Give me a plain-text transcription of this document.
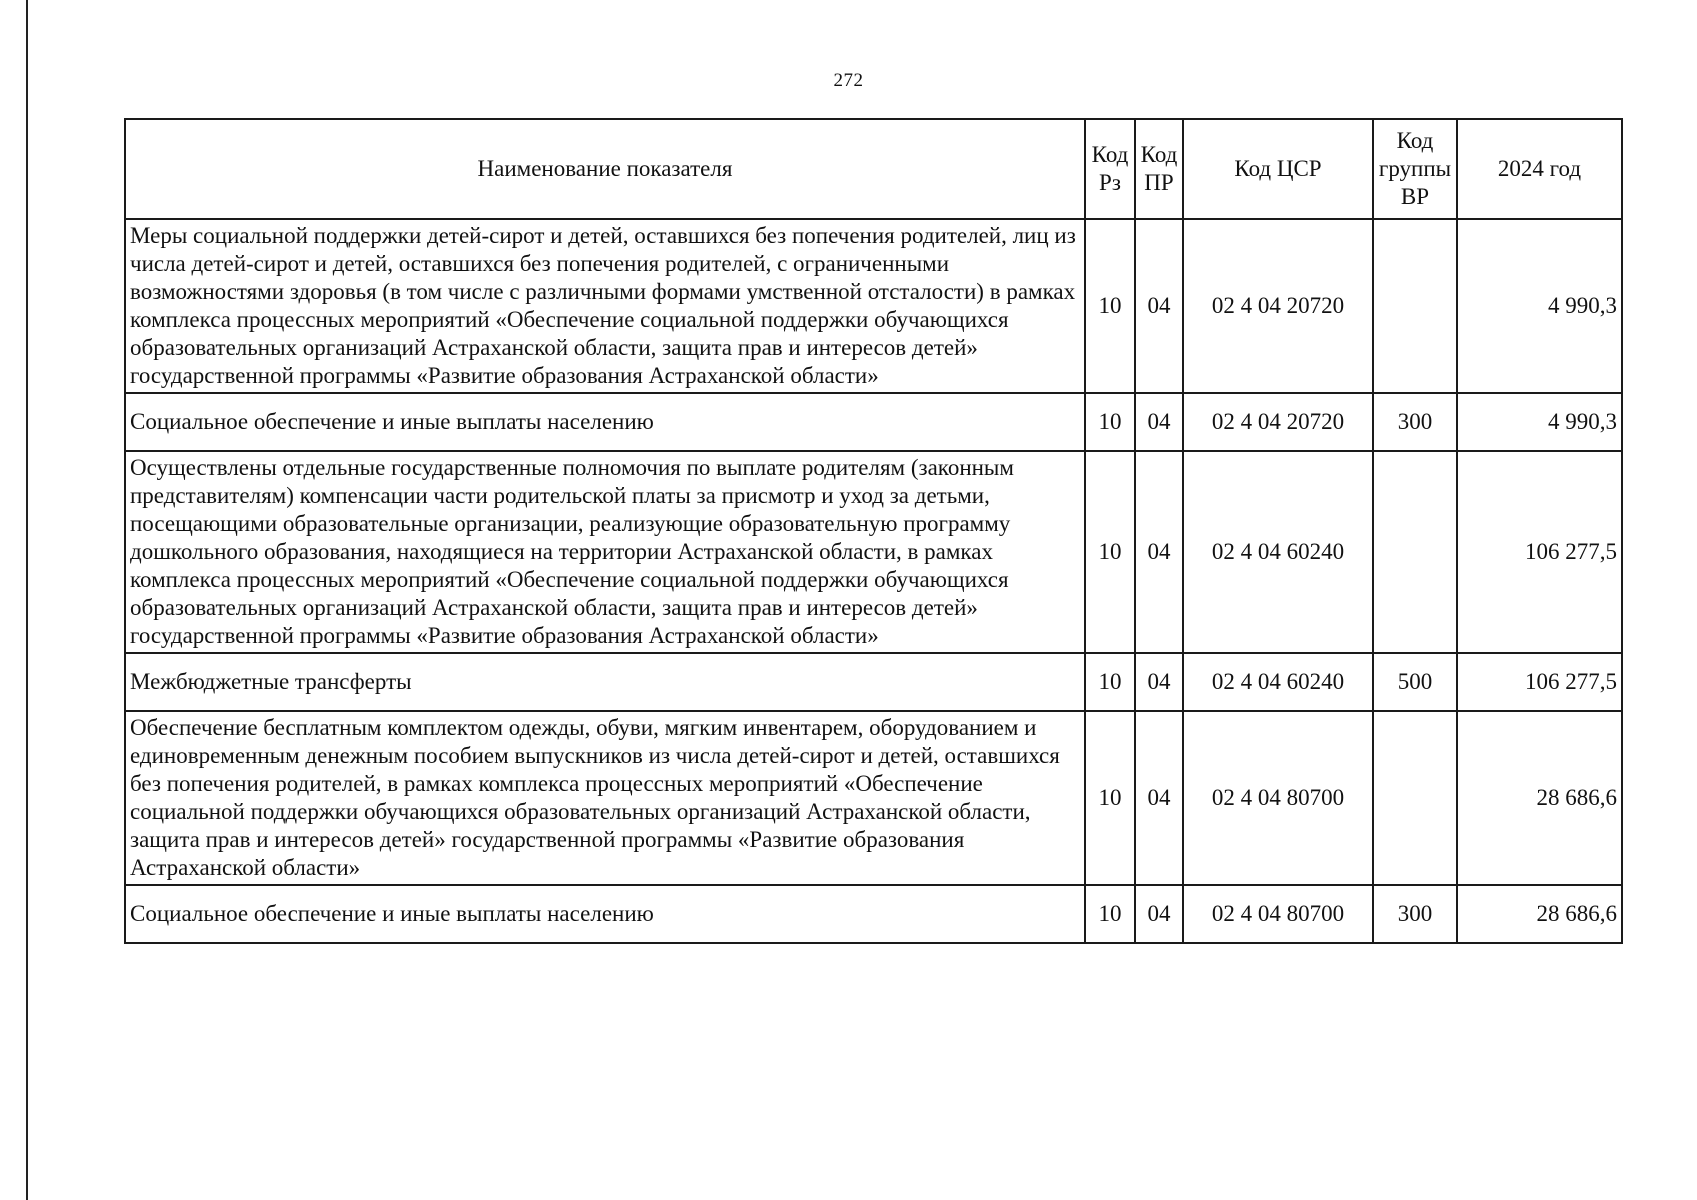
272
Наименование показателя	Код Рз	Код ПР	Код ЦСР	Код группы ВР	2024 год
Меры социальной поддержки детей-сирот и детей, оставшихся без попечения родителей, лиц из числа детей-сирот и детей, оставшихся без попечения родителей, с ограниченными возможностями здоровья (в том числе с различными формами умственной отсталости) в рамках комплекса процессных мероприятий «Обеспечение социальной поддержки обучающихся образовательных организаций Астраханской области, защита прав и интересов детей» государственной программы «Развитие образования Астраханской области»	10	04	02 4 04 20720		4 990,3
Социальное обеспечение и иные выплаты населению	10	04	02 4 04 20720	300	4 990,3
Осуществлены отдельные государственные полномочия по выплате родителям (законным представителям) компенсации части родительской платы за присмотр и уход за детьми, посещающими образовательные организации, реализующие образовательную программу дошкольного образования, находящиеся на территории Астраханской области, в рамках комплекса процессных мероприятий «Обеспечение социальной поддержки обучающихся образовательных организаций Астраханской области, защита прав и интересов детей» государственной программы «Развитие образования Астраханской области»	10	04	02 4 04 60240		106 277,5
Межбюджетные трансферты	10	04	02 4 04 60240	500	106 277,5
Обеспечение бесплатным комплектом одежды, обуви, мягким инвентарем, оборудованием и единовременным денежным пособием выпускников из числа детей-сирот и детей, оставшихся без попечения родителей, в рамках комплекса процессных мероприятий «Обеспечение социальной поддержки обучающихся образовательных организаций Астраханской области, защита прав и интересов детей» государственной программы «Развитие образования Астраханской области»	10	04	02 4 04 80700		28 686,6
Социальное обеспечение и иные выплаты населению	10	04	02 4 04 80700	300	28 686,6
